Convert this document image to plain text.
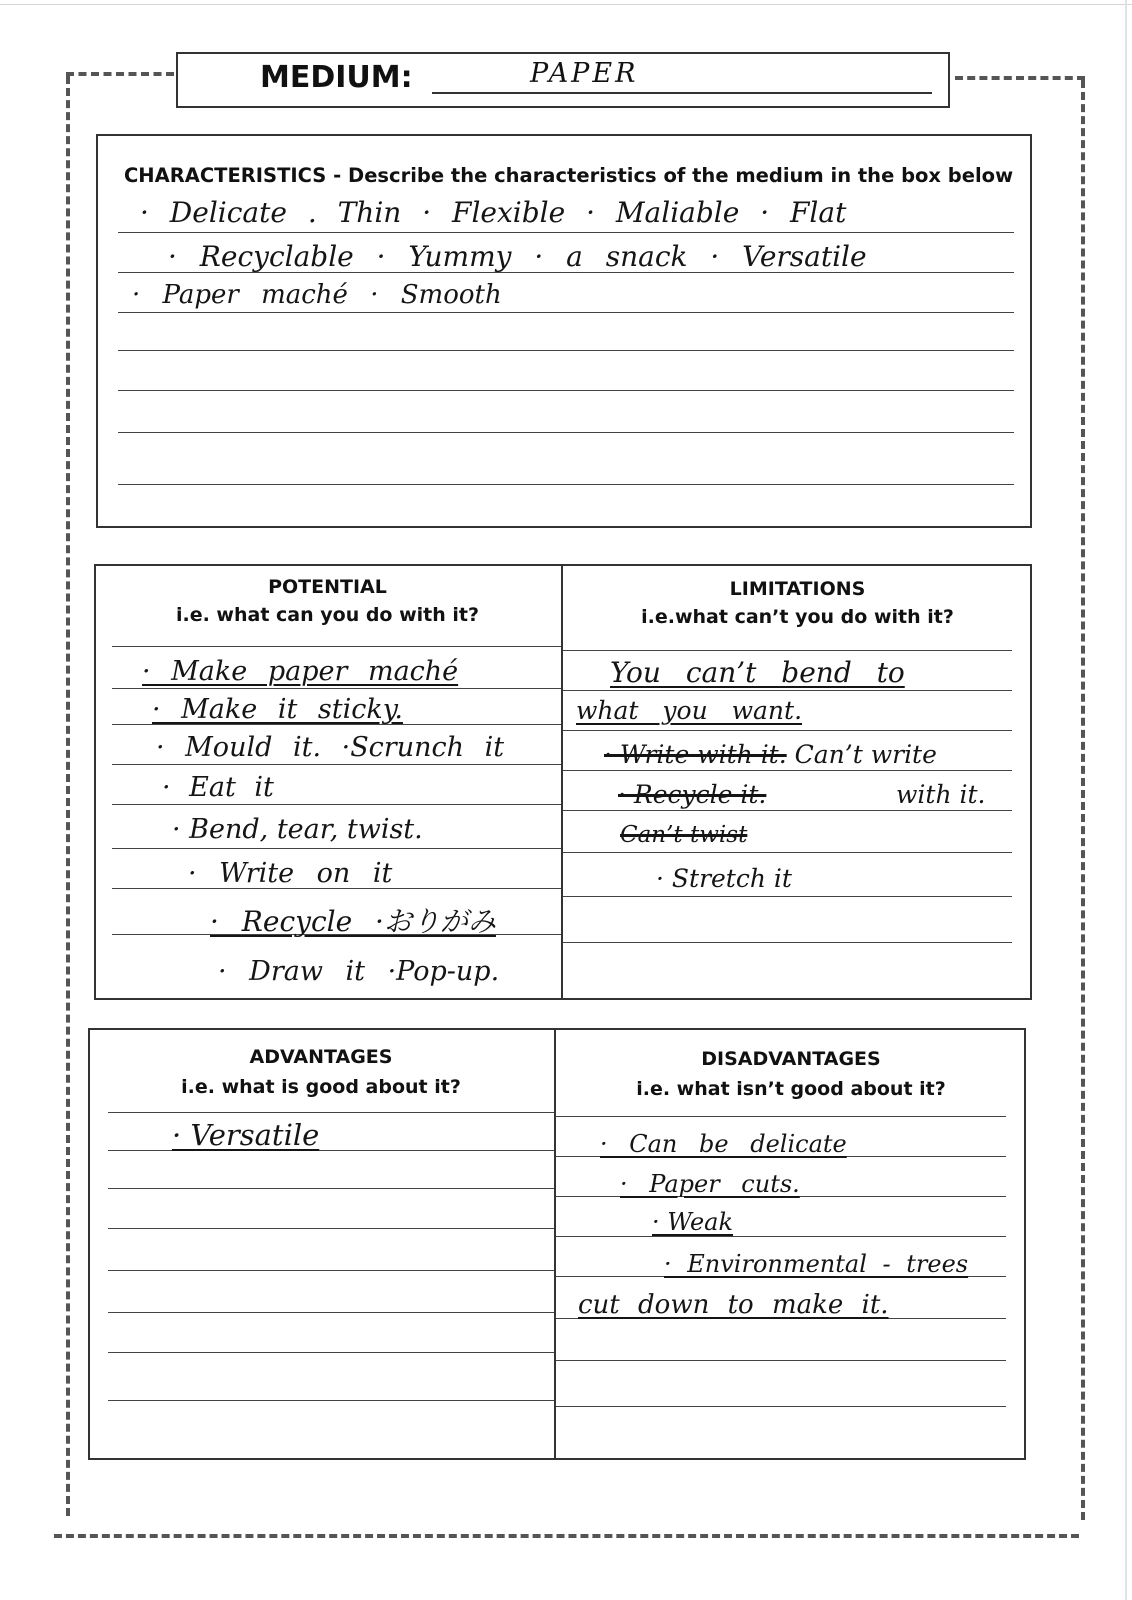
MEDIUM:	PAPER
CHARACTERISTICS - Describe the characteristics of the medium in the box below
· Delicate . Thin · Flexible · Maliable · Flat
· Recyclable · Yummy · a snack · Versatile
· Paper maché · Smooth
POTENTIAL
i.e. what can you do with it?
LIMITATIONS
i.e.what can’t you do with it?
· Make paper maché
· Make it sticky.
· Mould it. ·Scrunch it
· Eat it
· Bend, tear, twist.
· Write on it
· Recycle ·おりがみ
· Draw it ·Pop-up.
You can’t bend to
what you want.
· Write with it. Can’t write
· Recycle it.	with it.
Can’t twist
· Stretch it
ADVANTAGES
i.e. what is good about it?
DISADVANTAGES
i.e. what isn’t good about it?
· Versatile	· Can be delicate
· Paper cuts.
· Weak
· Environmental - trees
cut down to make it.
